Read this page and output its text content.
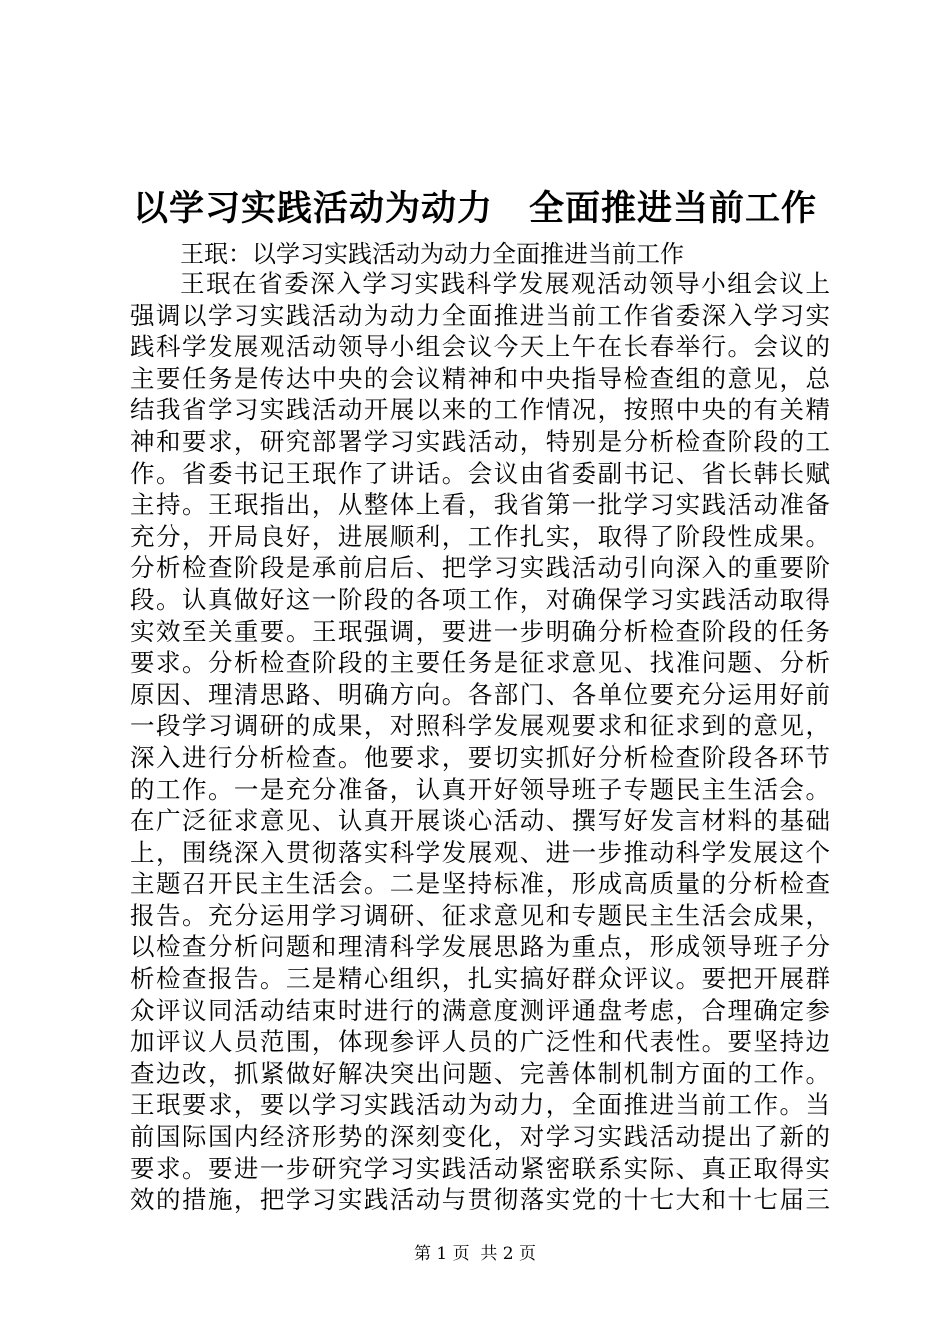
以学习实践活动为动力　全面推进当前工作
王珉：以学习实践活动为动力全面推进当前工作
王珉在省委深入学习实践科学发展观活动领导小组会议上
强调以学习实践活动为动力全面推进当前工作省委深入学习实
践科学发展观活动领导小组会议今天上午在长春举行。会议的
主要任务是传达中央的会议精神和中央指导检查组的意见，总
结我省学习实践活动开展以来的工作情况，按照中央的有关精
神和要求，研究部署学习实践活动，特别是分析检查阶段的工
作。省委书记王珉作了讲话。会议由省委副书记、省长韩长赋
主持。王珉指出，从整体上看，我省第一批学习实践活动准备
充分，开局良好，进展顺利，工作扎实，取得了阶段性成果。
分析检查阶段是承前启后、把学习实践活动引向深入的重要阶
段。认真做好这一阶段的各项工作，对确保学习实践活动取得
实效至关重要。王珉强调，要进一步明确分析检查阶段的任务
要求。分析检查阶段的主要任务是征求意见、找准问题、分析
原因、理清思路、明确方向。各部门、各单位要充分运用好前
一段学习调研的成果，对照科学发展观要求和征求到的意见，
深入进行分析检查。他要求，要切实抓好分析检查阶段各环节
的工作。一是充分准备，认真开好领导班子专题民主生活会。
在广泛征求意见、认真开展谈心活动、撰写好发言材料的基础
上，围绕深入贯彻落实科学发展观、进一步推动科学发展这个
主题召开民主生活会。二是坚持标准，形成高质量的分析检查
报告。充分运用学习调研、征求意见和专题民主生活会成果，
以检查分析问题和理清科学发展思路为重点，形成领导班子分
析检查报告。三是精心组织，扎实搞好群众评议。要把开展群
众评议同活动结束时进行的满意度测评通盘考虑，合理确定参
加评议人员范围，体现参评人员的广泛性和代表性。要坚持边
查边改，抓紧做好解决突出问题、完善体制机制方面的工作。
王珉要求，要以学习实践活动为动力，全面推进当前工作。当
前国际国内经济形势的深刻变化，对学习实践活动提出了新的
要求。要进一步研究学习实践活动紧密联系实际、真正取得实
效的措施，把学习实践活动与贯彻落实党的十七大和十七届三
第 1 页  共 2 页
